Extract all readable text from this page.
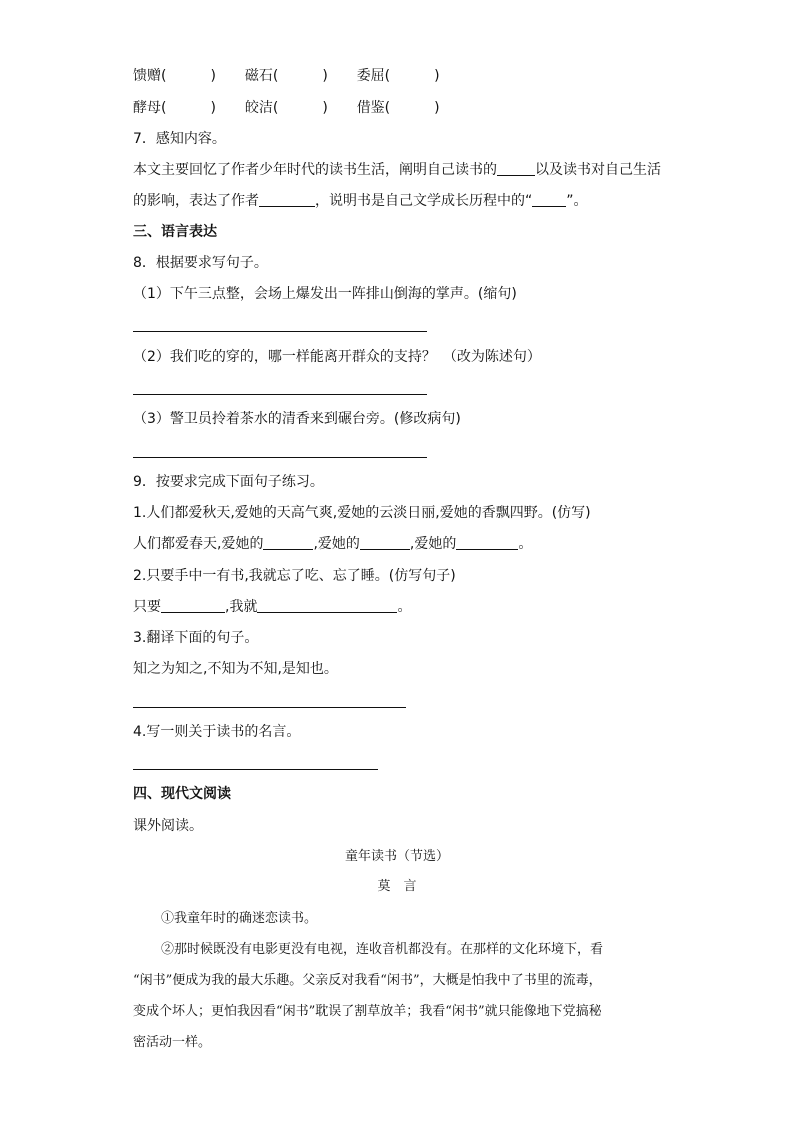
馈赠(	) 磁石(	) 委屈(	)
酵母(	) 皎洁(	) 借鉴(	)
7．感知内容。
本文主要回忆了作者少年时代的读书生活，阐明自己读书的	以及读书对自己生活
的影响，表达了作者	，说明书是自己文学成长历程中的“ ”。
三、语言表达
8．根据要求写句子。
（1）下午三点整，会场上爆发出一阵排山倒海的掌声。(缩句)
（2）我们吃的穿的，哪一样能离开群众的支持？　（改为陈述句）
（3）警卫员拎着茶水的清香来到碾台旁。(修改病句)
9．按要求完成下面句子练习。
1.人们都爱秋天,爱她的天高气爽,爱她的云淡日丽,爱她的香飘四野。(仿写)
人们都爱春天,爱她的	,爱她的	,爱她的	。
2.只要手中一有书,我就忘了吃、忘了睡。(仿写句子)
只要	,我就	。
3.翻译下面的句子。
知之为知之,不知为不知,是知也。
4.写一则关于读书的名言。
四、现代文阅读
课外阅读。
童年读书（节选）
莫　言
①我童年时的确迷恋读书。
②那时候既没有电影更没有电视，连收音机都没有。在那样的文化环境下，看
“闲书”便成为我的最大乐趣。父亲反对我看“闲书”，大概是怕我中了书里的流毒，
变成个坏人；更怕我因看“闲书”耽误了割草放羊；我看“闲书”就只能像地下党搞秘
密活动一样。
